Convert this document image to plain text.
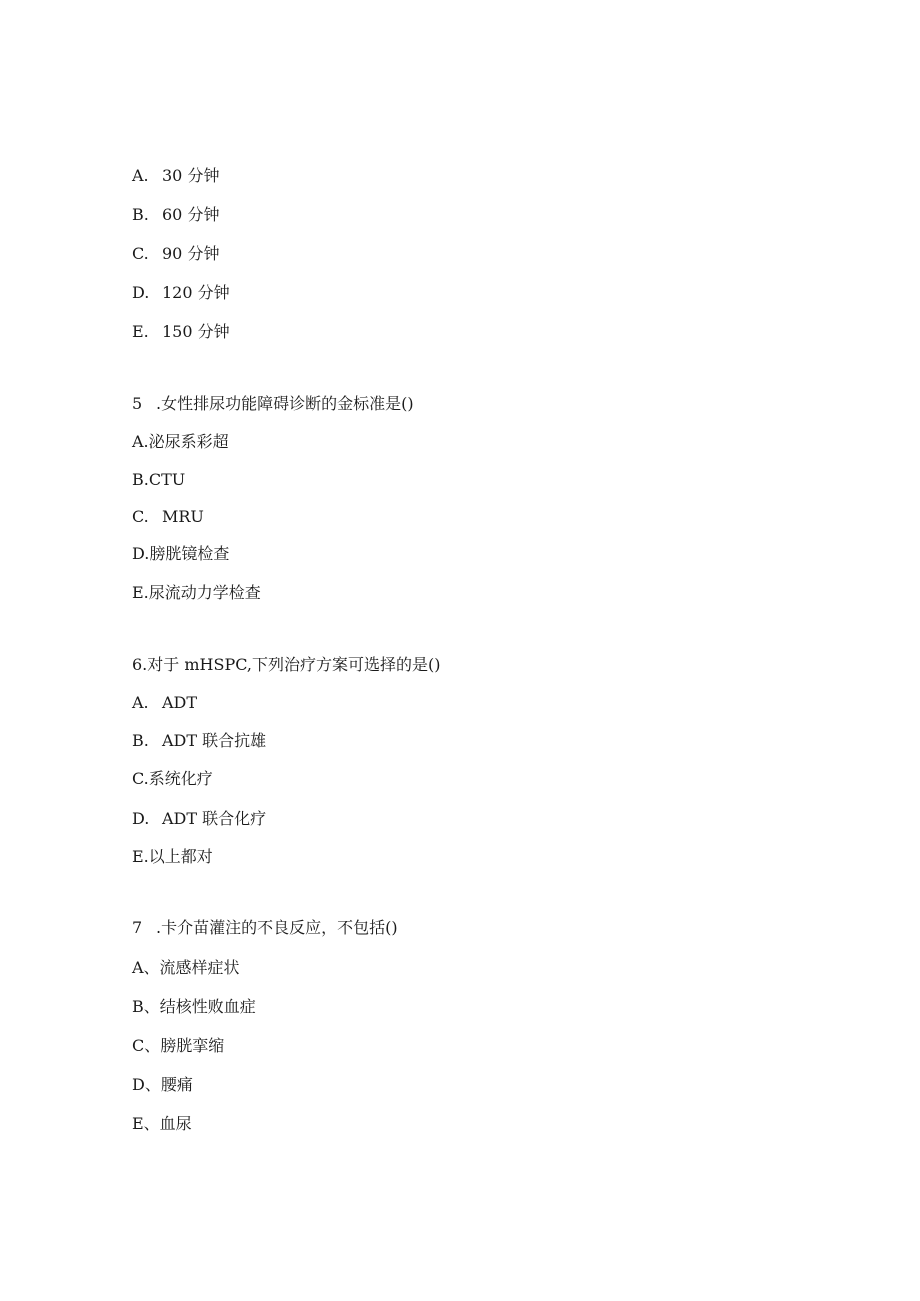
A. 30 分钟
B. 60 分钟
C. 90 分钟
D. 120 分钟
E. 150 分钟
5 .女性排尿功能障碍诊断的金标准是()
A.泌尿系彩超
B.CTU
C. MRU
D.膀胱镜检查
E.尿流动力学检查
6.对于 mHSPC,下列治疗方案可选择的是()
A. ADT
B. ADT 联合抗雄
C.系统化疗
D. ADT 联合化疗
E.以上都对
7 .卡介苗灌注的不良反应，不包括()
A、流感样症状
B、结核性败血症
C、膀胱挛缩
D、腰痛
E、血尿
